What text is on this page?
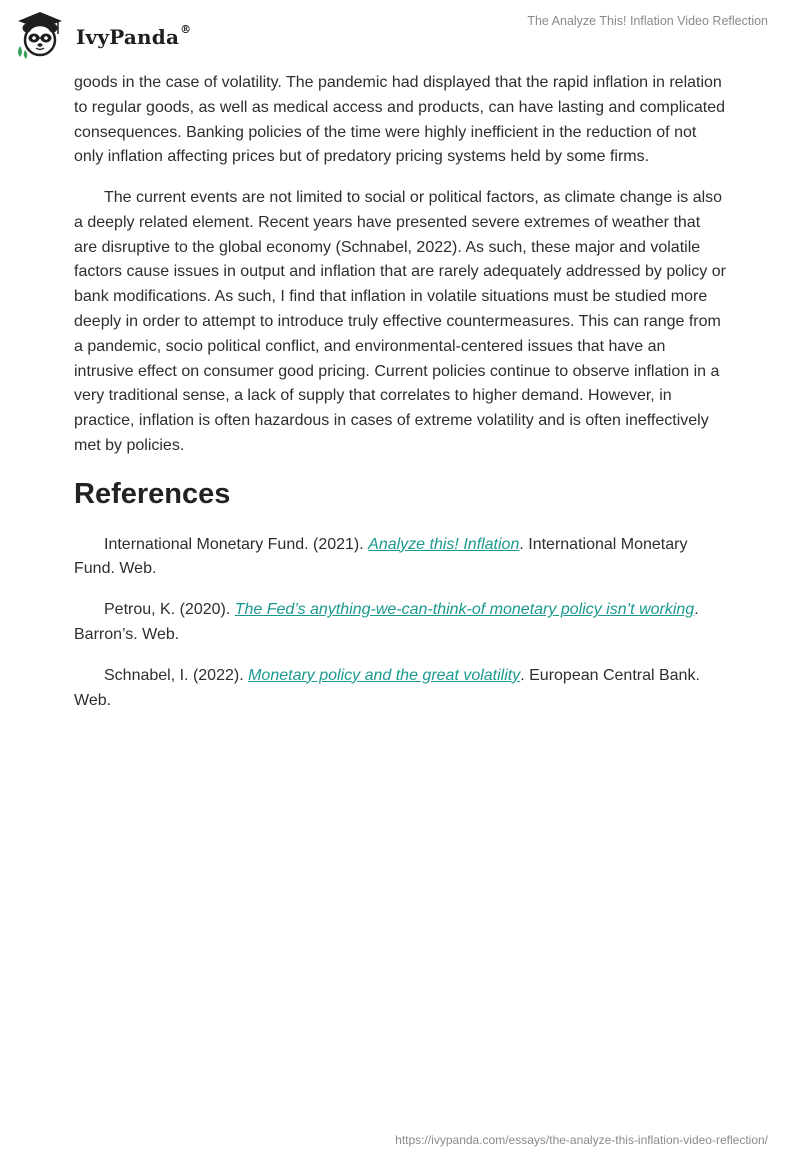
IvyPanda®
The Analyze This! Inflation Video Reflection

goods in the case of volatility. The pandemic had displayed that the rapid inflation in relation to regular goods, as well as medical access and products, can have lasting and complicated consequences. Banking policies of the time were highly inefficient in the reduction of not only inflation affecting prices but of predatory pricing systems held by some firms.

The current events are not limited to social or political factors, as climate change is also a deeply related element. Recent years have presented severe extremes of weather that are disruptive to the global economy (Schnabel, 2022). As such, these major and volatile factors cause issues in output and inflation that are rarely adequately addressed by policy or bank modifications. As such, I find that inflation in volatile situations must be studied more deeply in order to attempt to introduce truly effective countermeasures. This can range from a pandemic, socio political conflict, and environmental-centered issues that have an intrusive effect on consumer good pricing. Current policies continue to observe inflation in a very traditional sense, a lack of supply that correlates to higher demand. However, in practice, inflation is often hazardous in cases of extreme volatility and is often ineffectively met by policies.

References

International Monetary Fund. (2021). Analyze this! Inflation. International Monetary Fund. Web.

Petrou, K. (2020). The Fed’s anything-we-can-think-of monetary policy isn’t working. Barron’s. Web.

Schnabel, I. (2022). Monetary policy and the great volatility. European Central Bank. Web.

https://ivypanda.com/essays/the-analyze-this-inflation-video-reflection/
